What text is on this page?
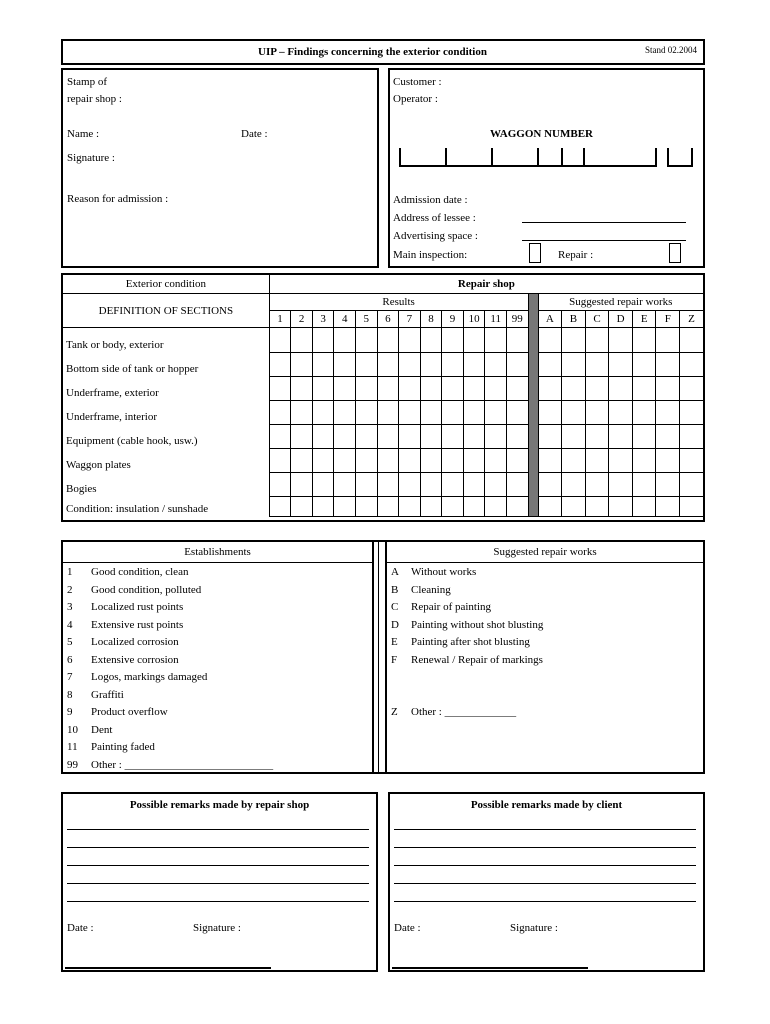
UIP – Findings concerning the exterior condition	Stand 02.2004
Stamp of
repair shop :
Name :	Date :
Signature :
Reason for admission :
Customer :
Operator :
WAGGON NUMBER
Admission date :
Address of lessee :
Advertising space :
Main inspection:	Repair :
Exterior condition	Repair shop																			
DEFINITION OF SECTIONS	Results													Suggested repair works						
	1	2	3	4	5	6	7	8	9	10	11	99		A	B	C	D	E	F	Z
Tank or body, exterior																				
Bottom side of tank or hopper																				
Underframe, exterior																				
Underframe, interior																				
Equipment (cable hook, usw.)																				
Waggon plates																				
Bogies																				
Condition: insulation / sunshade																				
Establishments
1 Good condition, clean
2 Good condition, polluted
3 Localized rust points
4 Extensive rust points
5 Localized corrosion
6 Extensive corrosion
7 Logos, markings damaged
8 Graffiti
9 Product overflow
10 Dent
11 Painting faded
99 Other : ___________________________
Suggested repair works
A Without works
B Cleaning
C Repair of painting
D Painting without shot blusting
E Painting after shot blusting
F Renewal / Repair of markings
Z Other : _____________
Possible remarks made by repair shop
Date :	Signature :
Possible remarks made by client
Date :	Signature :
